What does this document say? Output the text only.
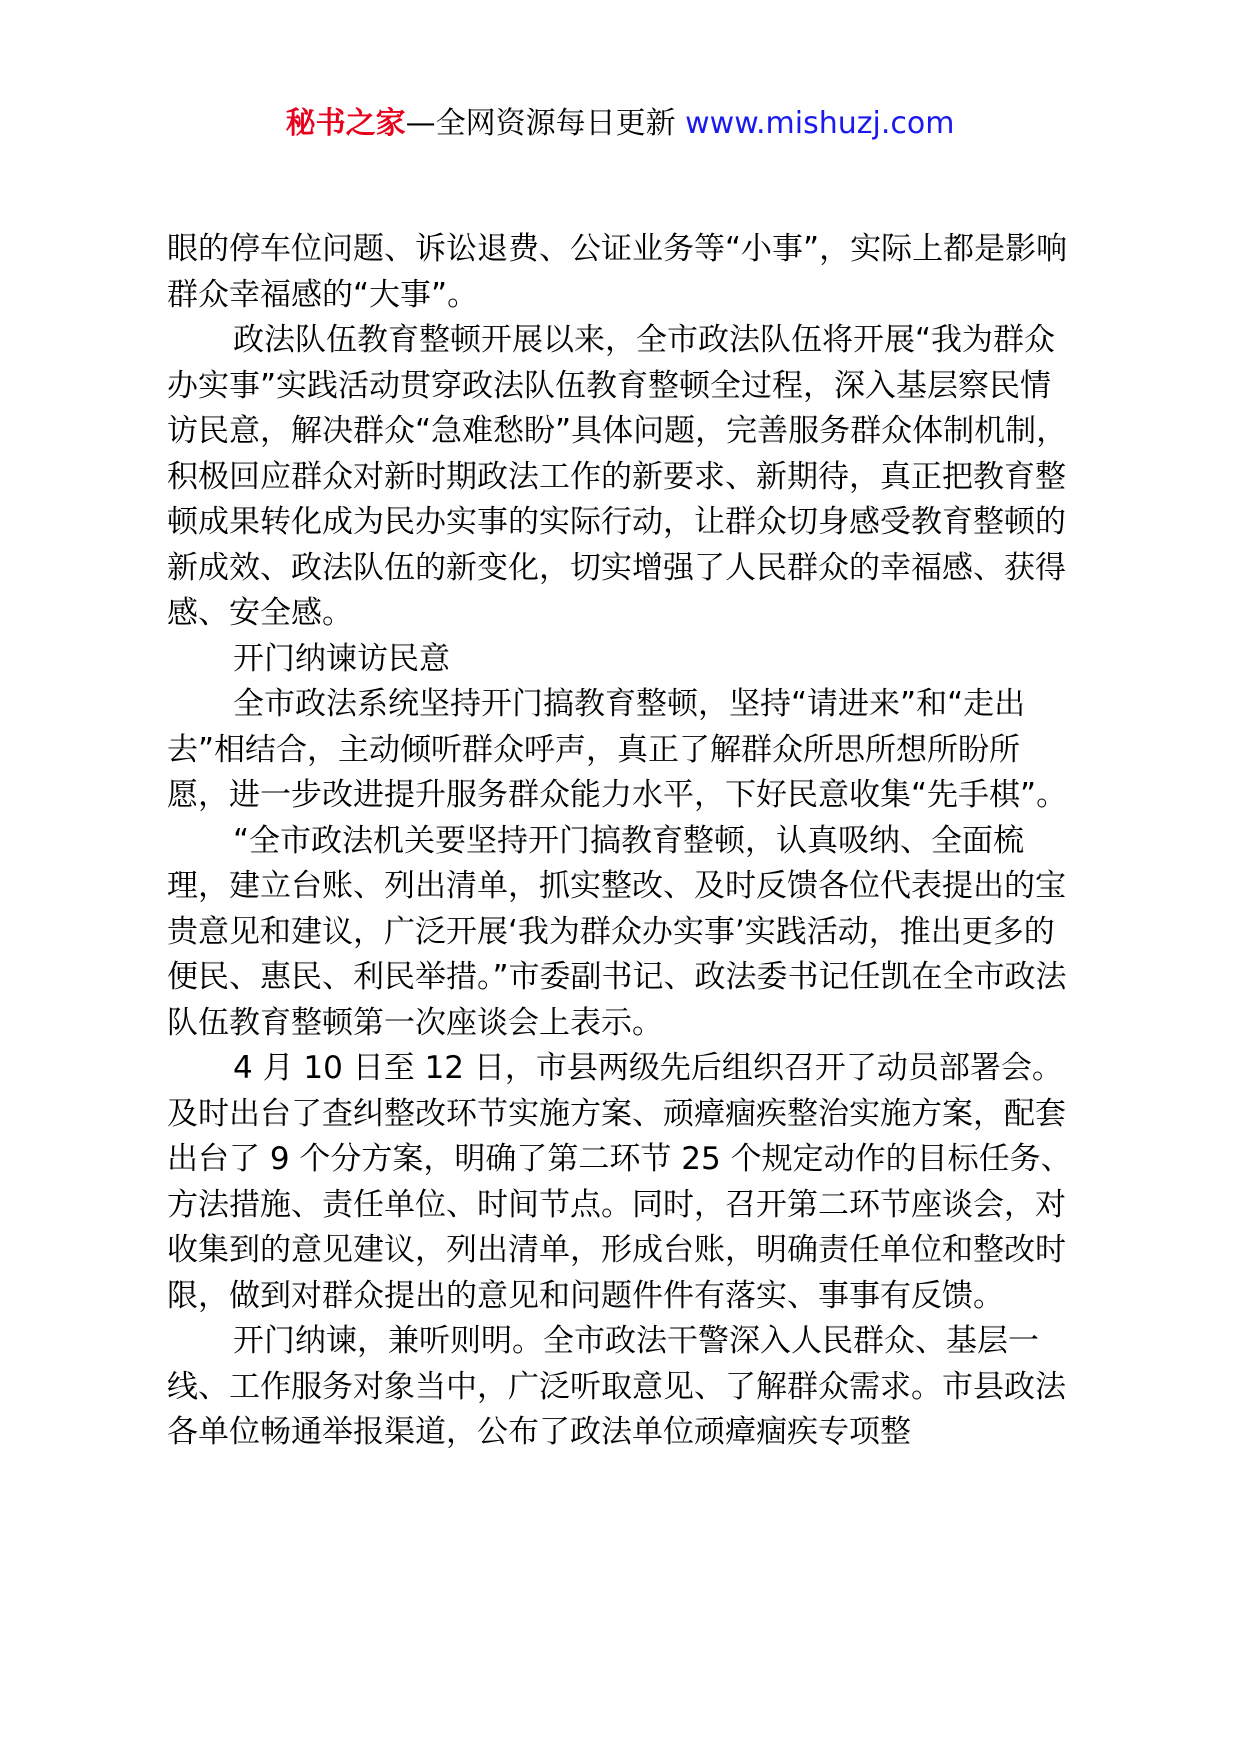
秘书之家—全网资源每日更新 www.mishuzj.com

眼的停车位问题、诉讼退费、公证业务等“小事”，实际上都是影响群众幸福感的“大事”。

政法队伍教育整顿开展以来，全市政法队伍将开展“我为群众办实事”实践活动贯穿政法队伍教育整顿全过程，深入基层察民情访民意，解决群众“急难愁盼”具体问题，完善服务群众体制机制，积极回应群众对新时期政法工作的新要求、新期待，真正把教育整顿成果转化成为民办实事的实际行动，让群众切身感受教育整顿的新成效、政法队伍的新变化，切实增强了人民群众的幸福感、获得感、安全感。

开门纳谏访民意

全市政法系统坚持开门搞教育整顿，坚持“请进来”和“走出去”相结合，主动倾听群众呼声，真正了解群众所思所想所盼所愿，进一步改进提升服务群众能力水平，下好民意收集“先手棋”。

“全市政法机关要坚持开门搞教育整顿，认真吸纳、全面梳理，建立台账、列出清单，抓实整改、及时反馈各位代表提出的宝贵意见和建议，广泛开展‘我为群众办实事’实践活动，推出更多的便民、惠民、利民举措。”市委副书记、政法委书记任凯在全市政法队伍教育整顿第一次座谈会上表示。

4 月 10 日至 12 日，市县两级先后组织召开了动员部署会。及时出台了查纠整改环节实施方案、顽瘴痼疾整治实施方案，配套出台了 9 个分方案，明确了第二环节 25 个规定动作的目标任务、方法措施、责任单位、时间节点。同时，召开第二环节座谈会，对收集到的意见建议，列出清单，形成台账，明确责任单位和整改时限，做到对群众提出的意见和问题件件有落实、事事有反馈。

开门纳谏，兼听则明。全市政法干警深入人民群众、基层一线、工作服务对象当中，广泛听取意见、了解群众需求。市县政法各单位畅通举报渠道，公布了政法单位顽瘴痼疾专项整
